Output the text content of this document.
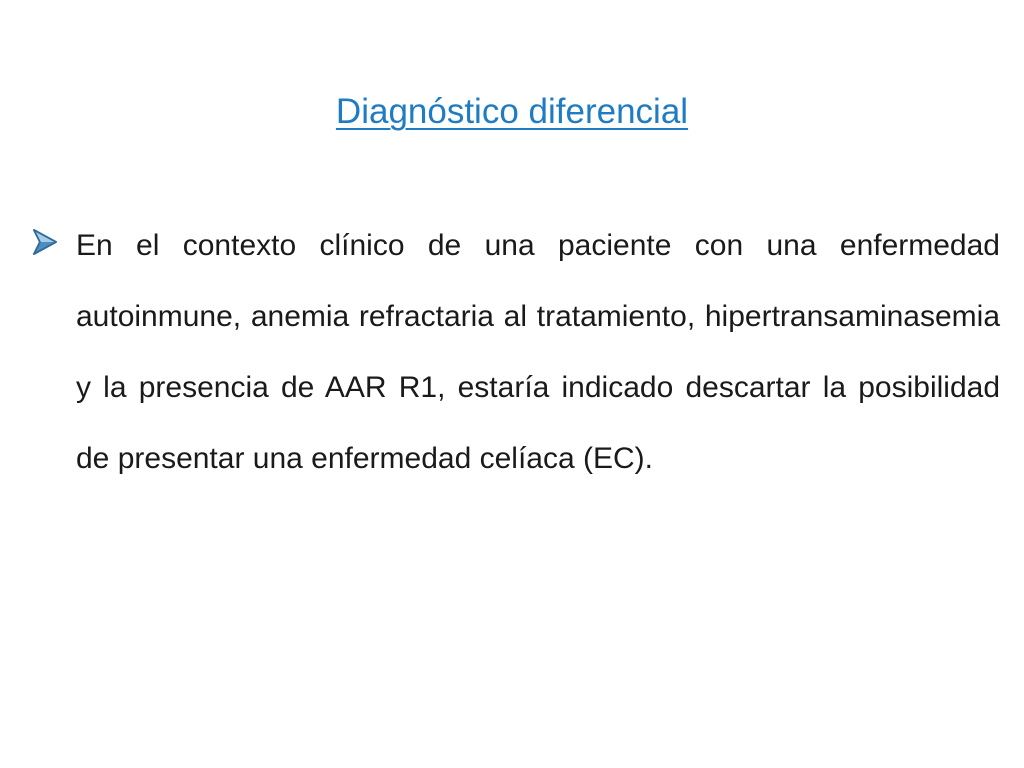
Diagnóstico diferencial

En el contexto clínico de una paciente con una enfermedad autoinmune, anemia refractaria al tratamiento, hipertransaminasemia y la presencia de AAR R1, estaría indicado descartar la posibilidad de presentar una enfermedad celíaca (EC).
